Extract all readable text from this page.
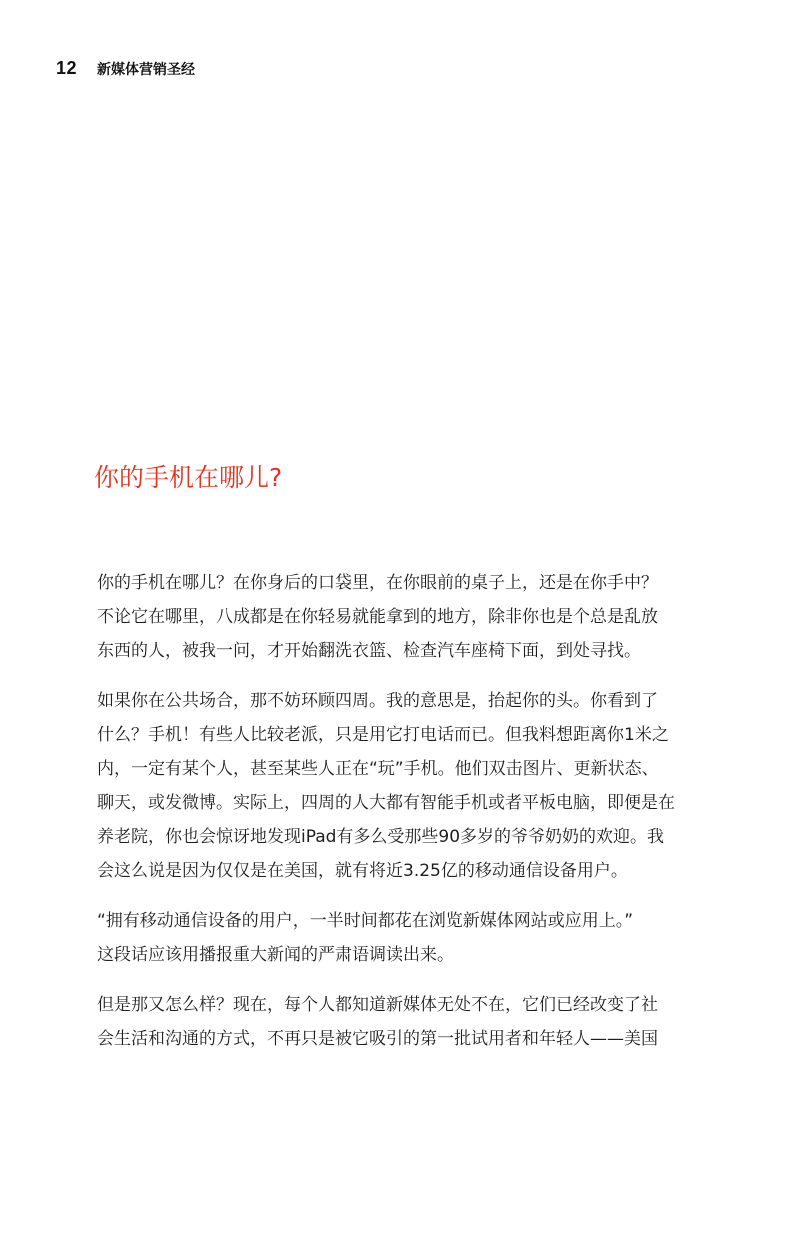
12 新媒体营销圣经
你的手机在哪儿?

你的手机在哪儿？在你身后的口袋里，在你眼前的桌子上，还是在你手中？
不论它在哪里，八成都是在你轻易就能拿到的地方，除非你也是个总是乱放
东西的人，被我一问，才开始翻洗衣篮、检查汽车座椅下面，到处寻找。

如果你在公共场合，那不妨环顾四周。我的意思是，抬起你的头。你看到了
什么？手机！有些人比较老派，只是用它打电话而已。但我料想距离你1米之
内，一定有某个人，甚至某些人正在“玩”手机。他们双击图片、更新状态、
聊天，或发微博。实际上，四周的人大都有智能手机或者平板电脑，即便是在
养老院，你也会惊讶地发现iPad有多么受那些90多岁的爷爷奶奶的欢迎。我
会这么说是因为仅仅是在美国，就有将近3.25亿的移动通信设备用户。

“拥有移动通信设备的用户，一半时间都花在浏览新媒体网站或应用上。”
这段话应该用播报重大新闻的严肃语调读出来。

但是那又怎么样？现在，每个人都知道新媒体无处不在，它们已经改变了社
会生活和沟通的方式，不再只是被它吸引的第一批试用者和年轻人——美国
